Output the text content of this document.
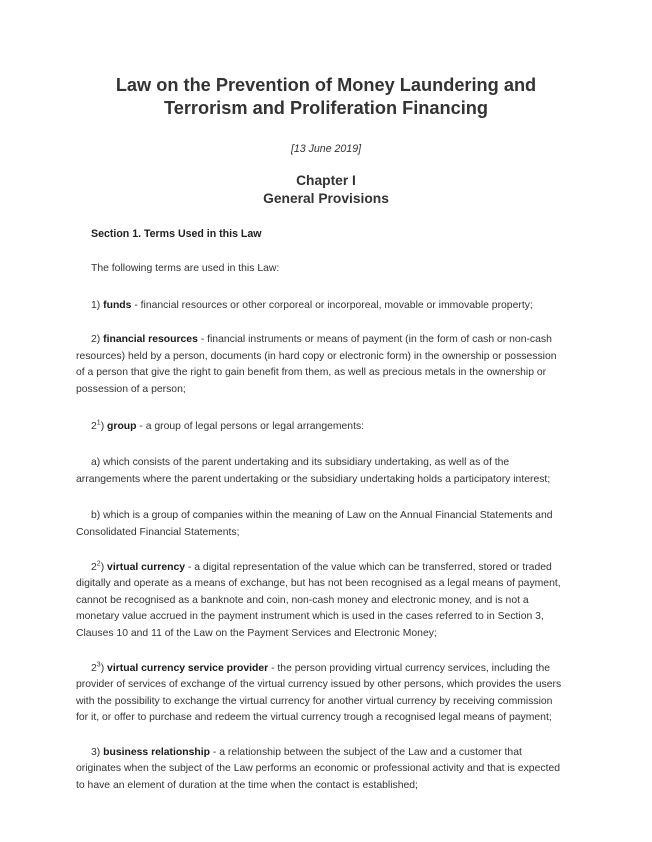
Law on the Prevention of Money Laundering and
Terrorism and Proliferation Financing

[13 June 2019]

Chapter I
General Provisions
Section 1. Terms Used in this Law

The following terms are used in this Law:

1) funds - financial resources or other corporeal or incorporeal, movable or immovable property;

2) financial resources - financial instruments or means of payment (in the form of cash or non-cash
resources) held by a person, documents (in hard copy or electronic form) in the ownership or possession
of a person that give the right to gain benefit from them, as well as precious metals in the ownership or
possession of a person;

$2^1$) group - a group of legal persons or legal arrangements:

a) which consists of the parent undertaking and its subsidiary undertaking, as well as of the
arrangements where the parent undertaking or the subsidiary undertaking holds a participatory interest;

b) which is a group of companies within the meaning of Law on the Annual Financial Statements and
Consolidated Financial Statements;

$2^2$) virtual currency - a digital representation of the value which can be transferred, stored or traded
digitally and operate as a means of exchange, but has not been recognised as a legal means of payment,
cannot be recognised as a banknote and coin, non-cash money and electronic money, and is not a
monetary value accrued in the payment instrument which is used in the cases referred to in Section 3,
Clauses 10 and 11 of the Law on the Payment Services and Electronic Money;

$2^3$) virtual currency service provider - the person providing virtual currency services, including the
provider of services of exchange of the virtual currency issued by other persons, which provides the users
with the possibility to exchange the virtual currency for another virtual currency by receiving commission
for it, or offer to purchase and redeem the virtual currency trough a recognised legal means of payment;

3) business relationship - a relationship between the subject of the Law and a customer that
originates when the subject of the Law performs an economic or professional activity and that is expected
to have an element of duration at the time when the contact is established;
